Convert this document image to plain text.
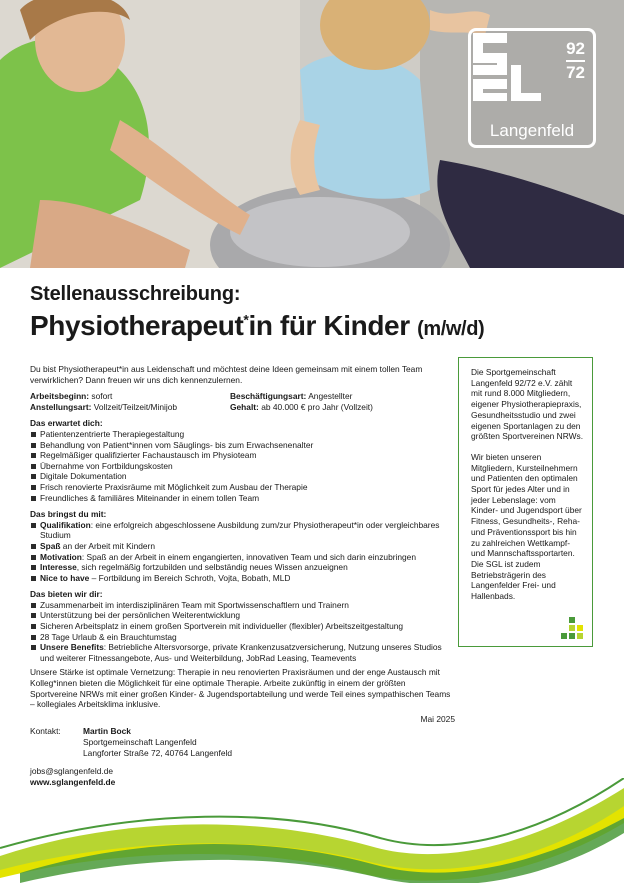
92
72
Langenfeld
Stellenausschreibung:
Physiotherapeut*in für Kinder (m/w/d)

Du bist Physiotherapeut*in aus Leidenschaft und möchtest deine Ideen gemeinsam mit einem tollen Team verwirklichen? Dann freuen wir uns dich kennenzulernen.

Arbeitsbeginn: sofort	Beschäftigungsart: Angestellter
Anstellungsart: Vollzeit/Teilzeit/Minijob	Gehalt: ab 40.000 € pro Jahr (Vollzeit)
Das erwartet dich:
Patientenzentrierte Therapiegestaltung
Behandlung von Patient*innen vom Säuglings- bis zum Erwachsenenalter
Regelmäßiger qualifizierter Fachaustausch im Physioteam
Übernahme von Fortbildungskosten
Digitale Dokumentation
Frisch renovierte Praxisräume mit Möglichkeit zum Ausbau der Therapie
Freundliches & familiäres Miteinander in einem tollen Team
Das bringst du mit:
Qualifikation: eine erfolgreich abgeschlossene Ausbildung zum/zur Physiotherapeut*in oder vergleichbares Studium
Spaß an der Arbeit mit Kindern
Motivation: Spaß an der Arbeit in einem engangierten, innovativen Team und sich darin einzubringen
Interesse, sich regelmäßig fortzubilden und selbständig neues Wissen anzueignen
Nice to have – Fortbildung im Bereich Schroth, Vojta, Bobath, MLD
Das bieten wir dir:
Zusammenarbeit im interdisziplinären Team mit Sportwissenschaftlern und Trainern
Unterstützung bei der persönlichen Weiterentwicklung
Sicheren Arbeitsplatz in einem großen Sportverein mit individueller (flexibler) Arbeitszeitgestaltung
28 Tage Urlaub & ein Brauchtumstag
Unsere Benefits: Betriebliche Altersvorsorge, private Krankenzusatzversicherung, Nutzung unseres Studios und weiterer Fitnessangebote, Aus- und Weiterbildung, JobRad Leasing, Teamevents

Unsere Stärke ist optimale Vernetzung: Therapie in neu renovierten Praxisräumen und der enge Austausch mit Kolleg*innen bieten die Möglichkeit für eine optimale Therapie. Arbeite zukünftig in einem der größten Sportvereine NRWs mit einer großen Kinder- & Jugendsportabteilung und werde Teil eines sympathischen Teams – kollegiales Arbeitsklima inklusive.

Mai 2025

Kontakt:	Martin Bock
Sportgemeinschaft Langenfeld
Langforter Straße 72, 40764 Langenfeld
jobs@sglangenfeld.de
www.sglangenfeld.de

Die Sportgemeinschaft Langenfeld 92/72 e.V. zählt mit rund 8.000 Mitgliedern, eigener Physiotherapiepraxis, Gesundheitsstudio und zwei eigenen Sportanlagen zu den größten Sportvereinen NRWs.

Wir bieten unseren Mitgliedern, Kursteilnehmern und Patienten den optimalen Sport für jedes Alter und in jeder Lebenslage: vom Kinder- und Jugendsport über Fitness, Gesundheits-, Reha- und Präventionssport bis hin zu zahlreichen Wettkampf- und Mannschaftssportarten. Die SGL ist zudem Betriebsträgerin des Langenfelder Frei- und Hallenbads.
